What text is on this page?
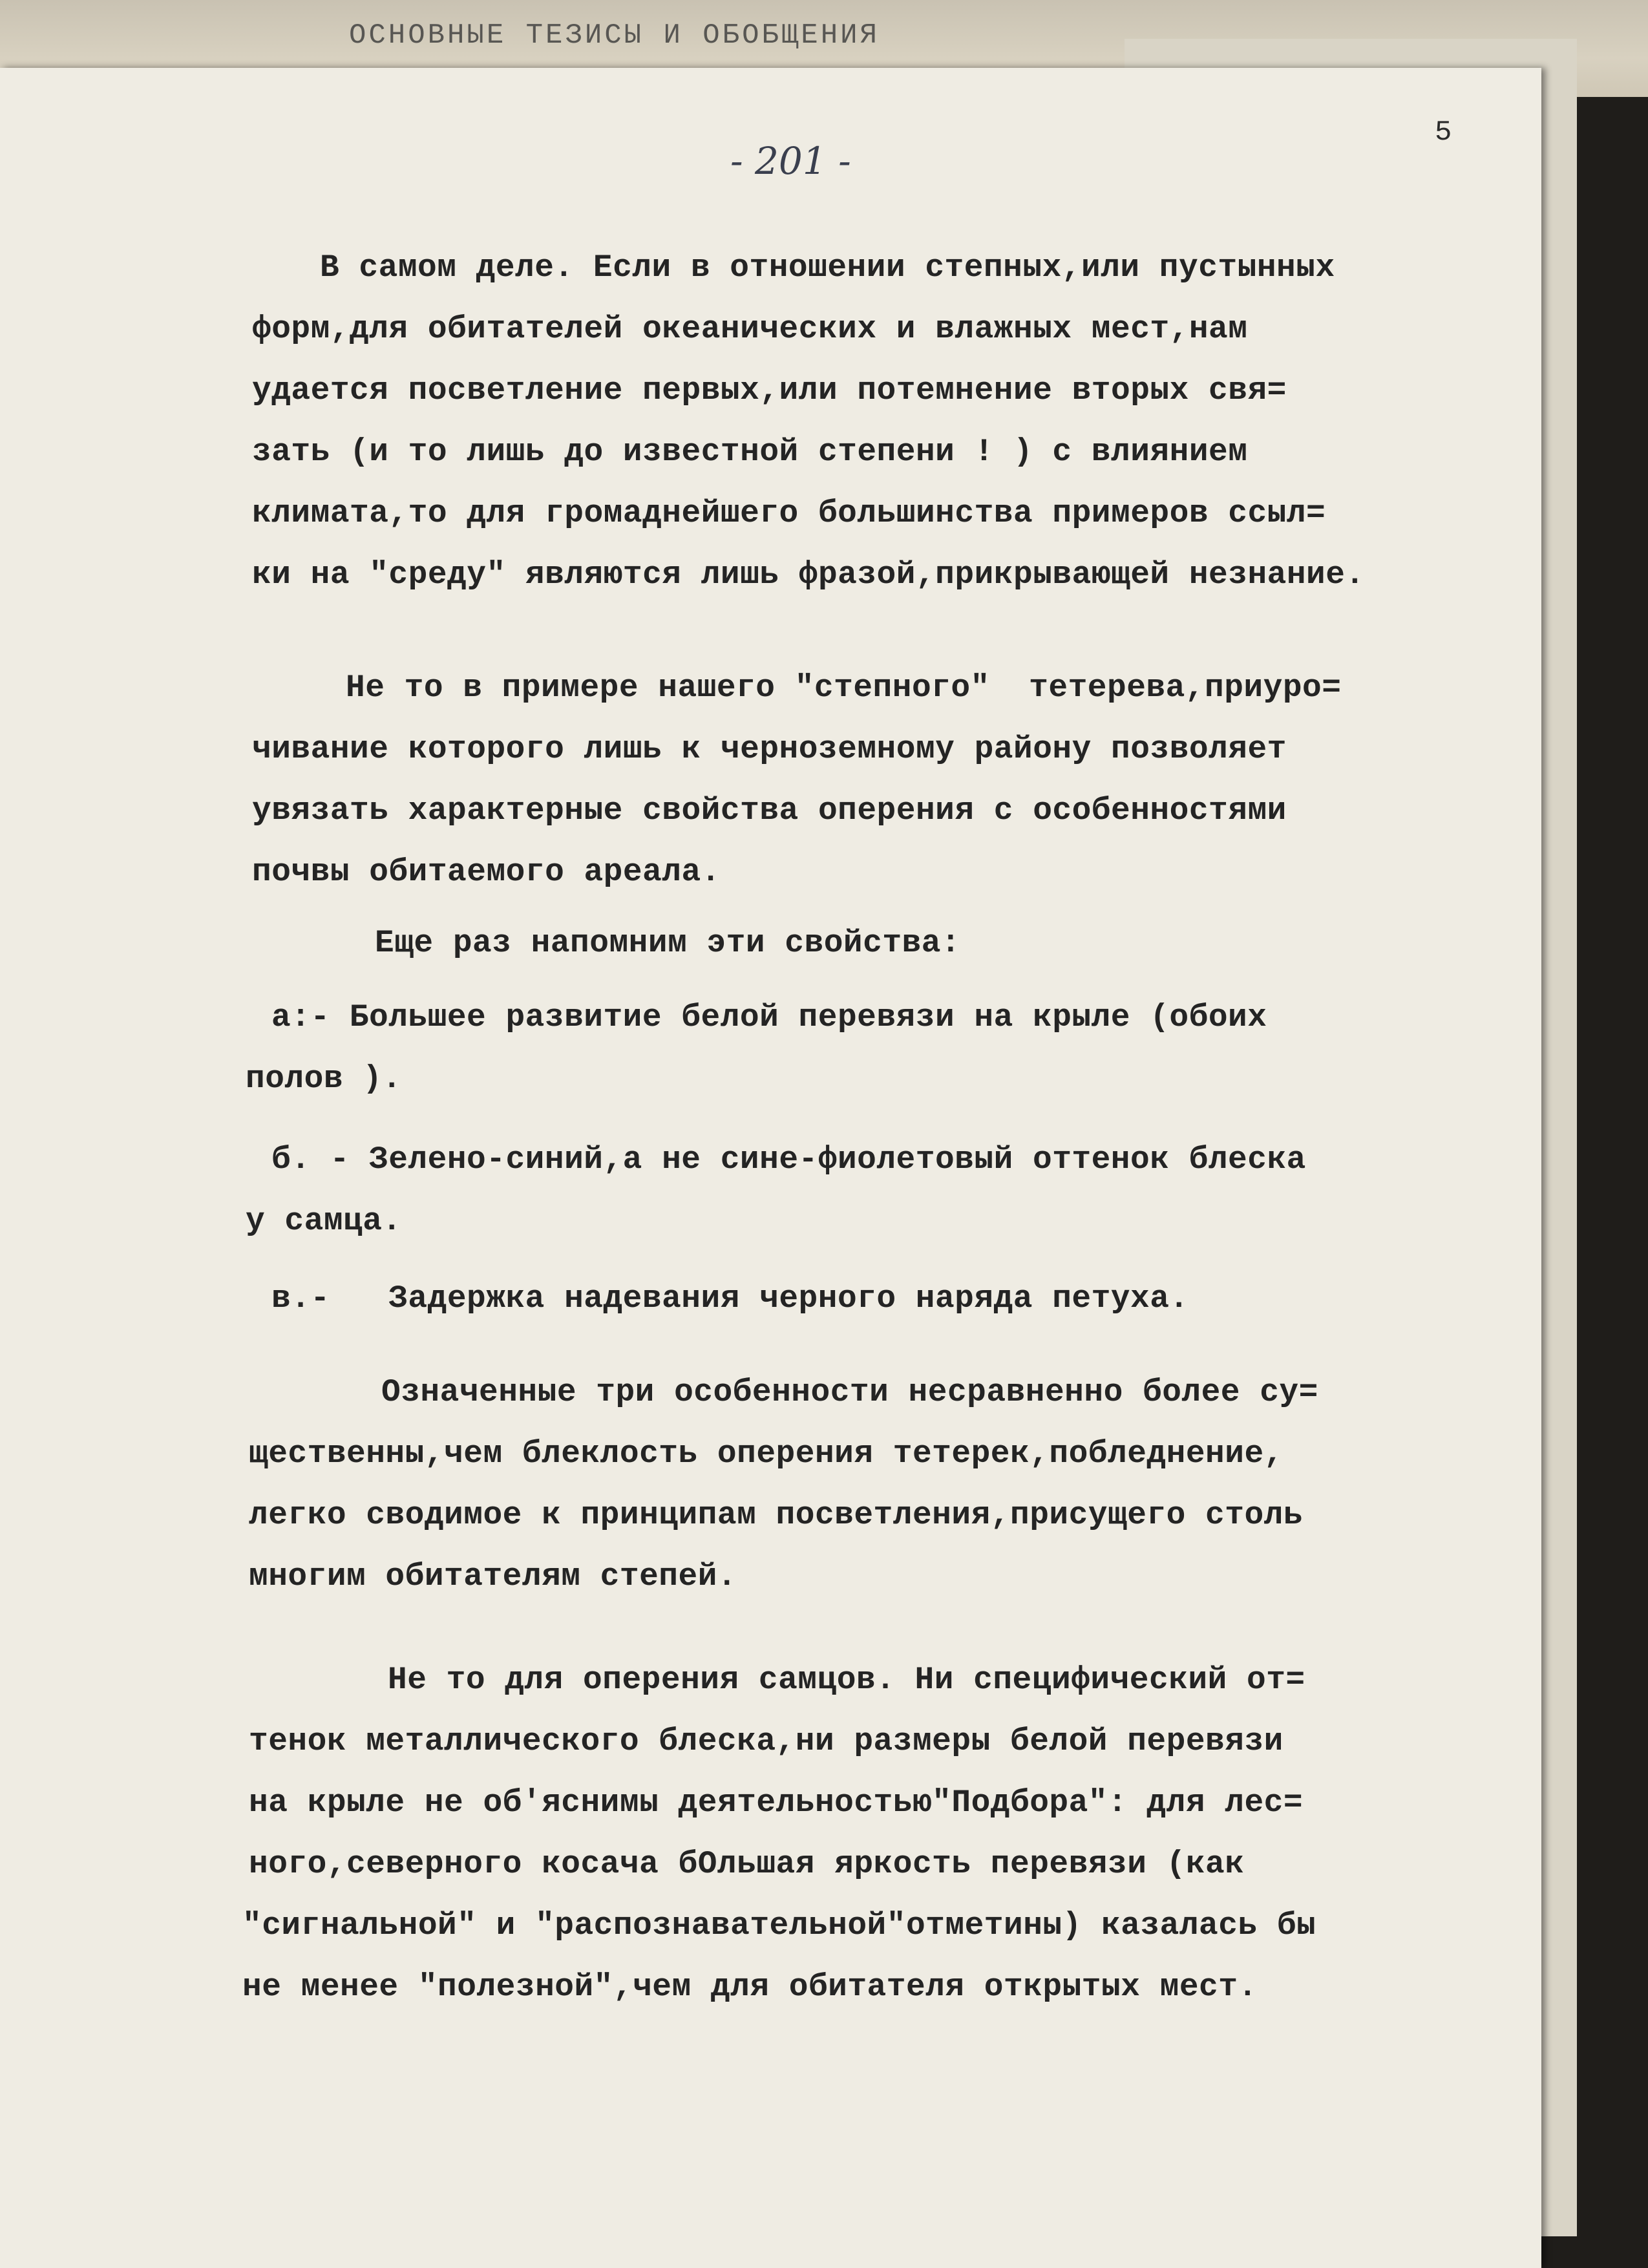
ОСНОВНЫЕ ТЕЗИСЫ И ОБОБЩЕНИЯ
5
- 201 -

В самом деле. Если в отношении степных,или пустынных

форм,для обитателей океанических и влажных мест,нам

удается посветление первых,или потемнение вторых свя=

зать (и то лишь до известной степени ! ) с влиянием

климата,то для громаднейшего большинства примеров ссыл=

ки на "среду" являются лишь фразой,прикрывающей незнание.

Не то в примере нашего "степного"  тетерева,приуро=

чивание которого лишь к черноземному району позволяет

увязать характерные свойства оперения с особенностями

почвы обитаемого ареала.

Еще раз напомним эти свойства:

а:- Большее развитие белой перевязи на крыле (обоих

полов ).

б. - Зелено-синий,а не сине-фиолетовый оттенок блеска

у самца.

в.-   Задержка надевания черного наряда петуха.

Означенные три особенности несравненно более су=

щественны,чем блеклость оперения тетерек,побледнение,

легко сводимое к принципам посветления,присущего столь

многим обитателям степей.

Не то для оперения самцов. Ни специфический от=

тенок металлического блеска,ни размеры белой перевязи

на крыле не об'яснимы деятельностью"Подбора": для лес=

ного,северного косача бОльшая яркость перевязи (как

"сигнальной" и "распознавательной"отметины) казалась бы

не менее "полезной",чем для обитателя открытых мест.
